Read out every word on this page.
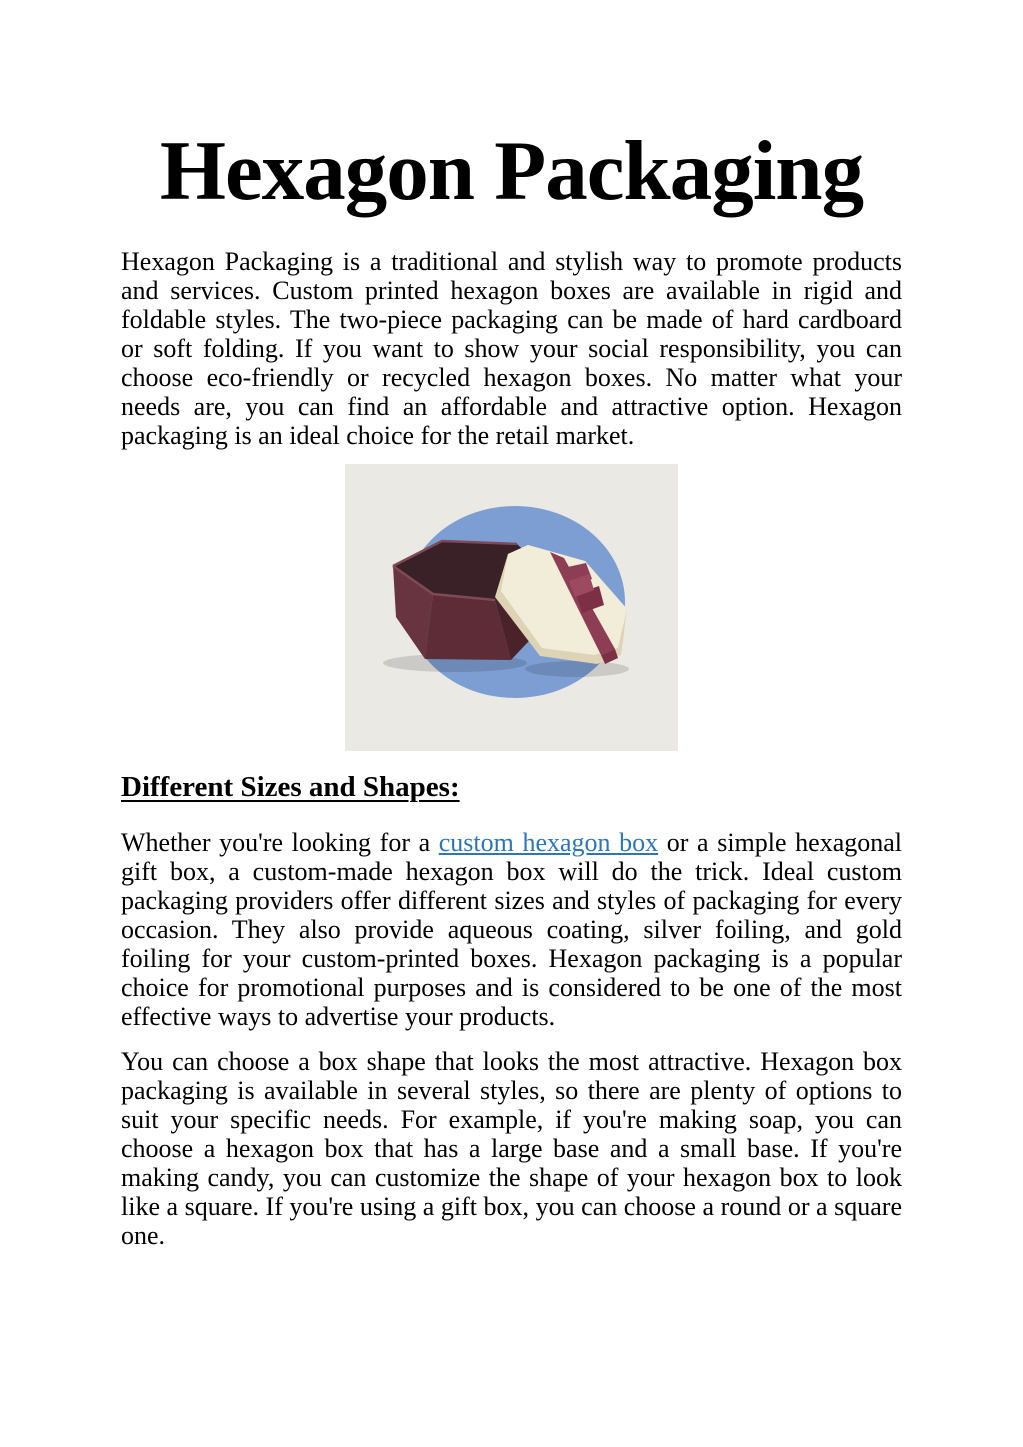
Hexagon Packaging

Hexagon Packaging is a traditional and stylish way to promote products and services. Custom printed hexagon boxes are available in rigid and foldable styles. The two-piece packaging can be made of hard cardboard or soft folding. If you want to show your social responsibility, you can choose eco-friendly or recycled hexagon boxes. No matter what your needs are, you can find an affordable and attractive option. Hexagon packaging is an ideal choice for the retail market.

Different Sizes and Shapes:

Whether you're looking for a custom hexagon box or a simple hexagonal gift box, a custom-made hexagon box will do the trick. Ideal custom packaging providers offer different sizes and styles of packaging for every occasion. They also provide aqueous coating, silver foiling, and gold foiling for your custom-printed boxes. Hexagon packaging is a popular choice for promotional purposes and is considered to be one of the most effective ways to advertise your products.

You can choose a box shape that looks the most attractive. Hexagon box packaging is available in several styles, so there are plenty of options to suit your specific needs. For example, if you're making soap, you can choose a hexagon box that has a large base and a small base. If you're making candy, you can customize the shape of your hexagon box to look like a square. If you're using a gift box, you can choose a round or a square one.
